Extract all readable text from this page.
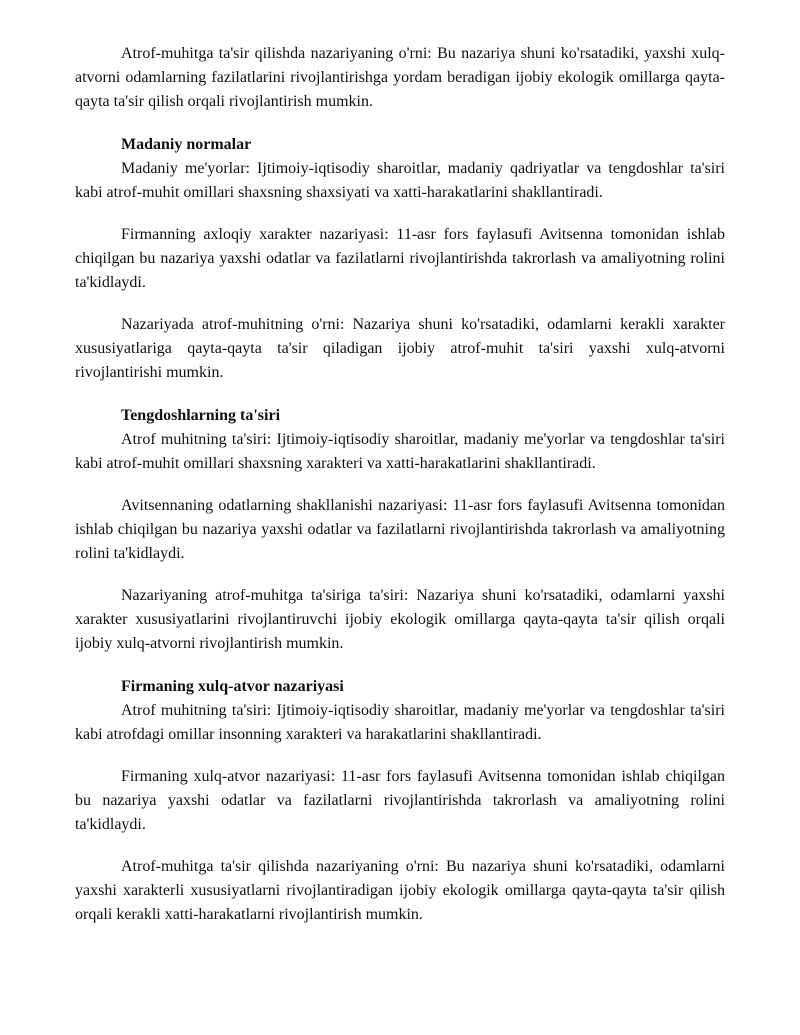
Atrof-muhitga ta'sir qilishda nazariyaning o'rni: Bu nazariya shuni ko'rsatadiki, yaxshi xulq-atvorni odamlarning fazilatlarini rivojlantirishga yordam beradigan ijobiy ekologik omillarga qayta-qayta ta'sir qilish orqali rivojlantirish mumkin.

Madaniy normalar

Madaniy me'yorlar: Ijtimoiy-iqtisodiy sharoitlar, madaniy qadriyatlar va tengdoshlar ta'siri kabi atrof-muhit omillari shaxsning shaxsiyati va xatti-harakatlarini shakllantiradi.

Firmanning axloqiy xarakter nazariyasi: 11-asr fors faylasufi Avitsenna tomonidan ishlab chiqilgan bu nazariya yaxshi odatlar va fazilatlarni rivojlantirishda takrorlash va amaliyotning rolini ta'kidlaydi.

Nazariyada atrof-muhitning o'rni: Nazariya shuni ko'rsatadiki, odamlarni kerakli xarakter xususiyatlariga qayta-qayta ta'sir qiladigan ijobiy atrof-muhit ta'siri yaxshi xulq-atvorni rivojlantirishi mumkin.

Tengdoshlarning ta'siri

Atrof muhitning ta'siri: Ijtimoiy-iqtisodiy sharoitlar, madaniy me'yorlar va tengdoshlar ta'siri kabi atrof-muhit omillari shaxsning xarakteri va xatti-harakatlarini shakllantiradi.

Avitsennaning odatlarning shakllanishi nazariyasi: 11-asr fors faylasufi Avitsenna tomonidan ishlab chiqilgan bu nazariya yaxshi odatlar va fazilatlarni rivojlantirishda takrorlash va amaliyotning rolini ta'kidlaydi.

Nazariyaning atrof-muhitga ta'siriga ta'siri: Nazariya shuni ko'rsatadiki, odamlarni yaxshi xarakter xususiyatlarini rivojlantiruvchi ijobiy ekologik omillarga qayta-qayta ta'sir qilish orqali ijobiy xulq-atvorni rivojlantirish mumkin.

Firmaning xulq-atvor nazariyasi

Atrof muhitning ta'siri: Ijtimoiy-iqtisodiy sharoitlar, madaniy me'yorlar va tengdoshlar ta'siri kabi atrofdagi omillar insonning xarakteri va harakatlarini shakllantiradi.

Firmaning xulq-atvor nazariyasi: 11-asr fors faylasufi Avitsenna tomonidan ishlab chiqilgan bu nazariya yaxshi odatlar va fazilatlarni rivojlantirishda takrorlash va amaliyotning rolini ta'kidlaydi.

Atrof-muhitga ta'sir qilishda nazariyaning o'rni: Bu nazariya shuni ko'rsatadiki, odamlarni yaxshi xarakterli xususiyatlarni rivojlantiradigan ijobiy ekologik omillarga qayta-qayta ta'sir qilish orqali kerakli xatti-harakatlarni rivojlantirish mumkin.
